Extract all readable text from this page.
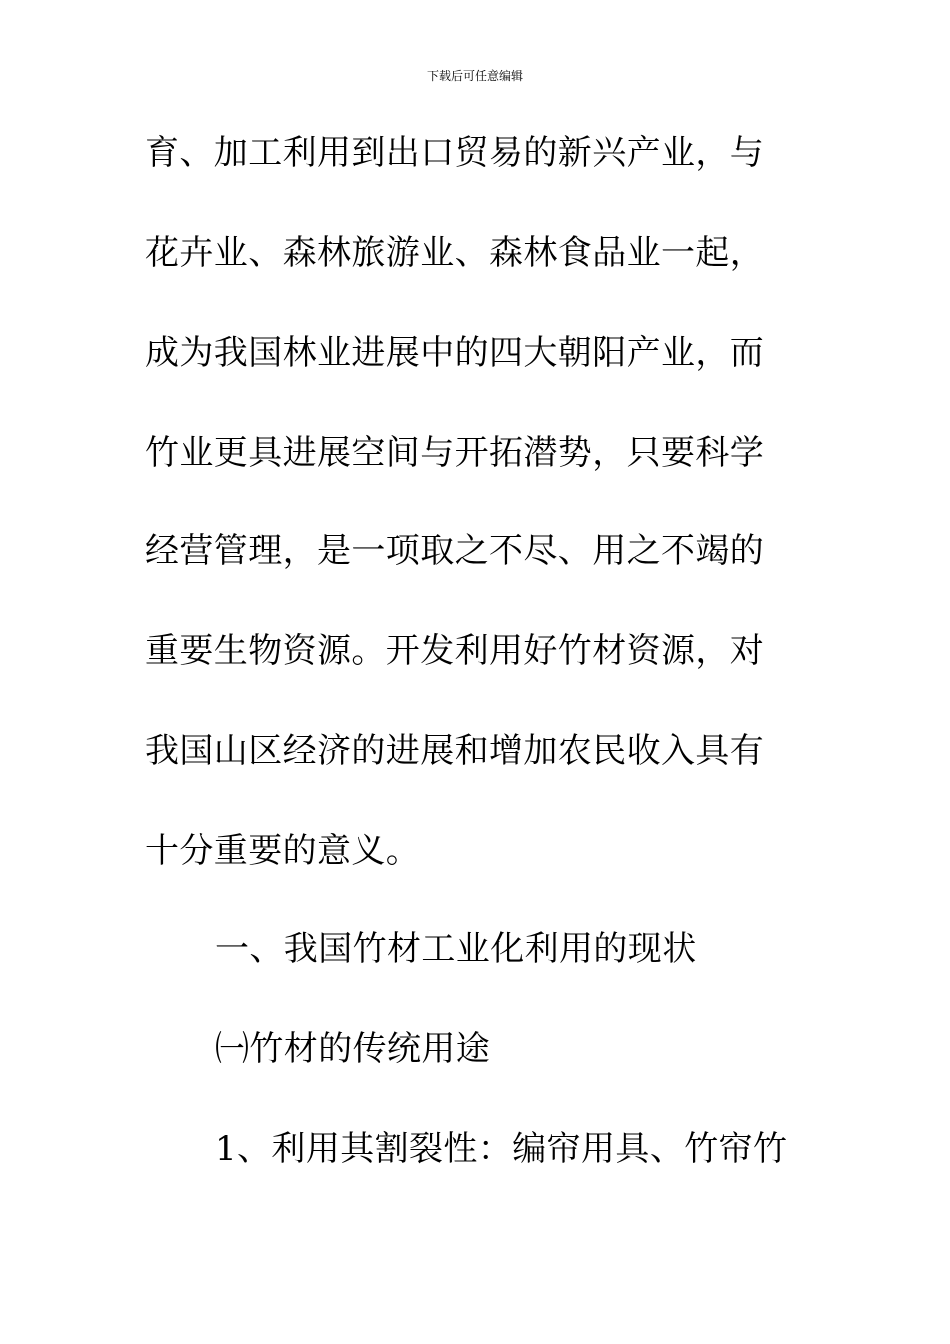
下载后可任意编辑
育、加工利用到出口贸易的新兴产业，与
花卉业、森林旅游业、森林食品业一起，
成为我国林业进展中的四大朝阳产业，而
竹业更具进展空间与开拓潜势，只要科学
经营管理，是一项取之不尽、用之不竭的
重要生物资源。开发利用好竹材资源，对
我国山区经济的进展和增加农民收入具有
十分重要的意义。
一、我国竹材工业化利用的现状
㈠竹材的传统用途
1、利用其割裂性：编帘用具、竹帘竹
